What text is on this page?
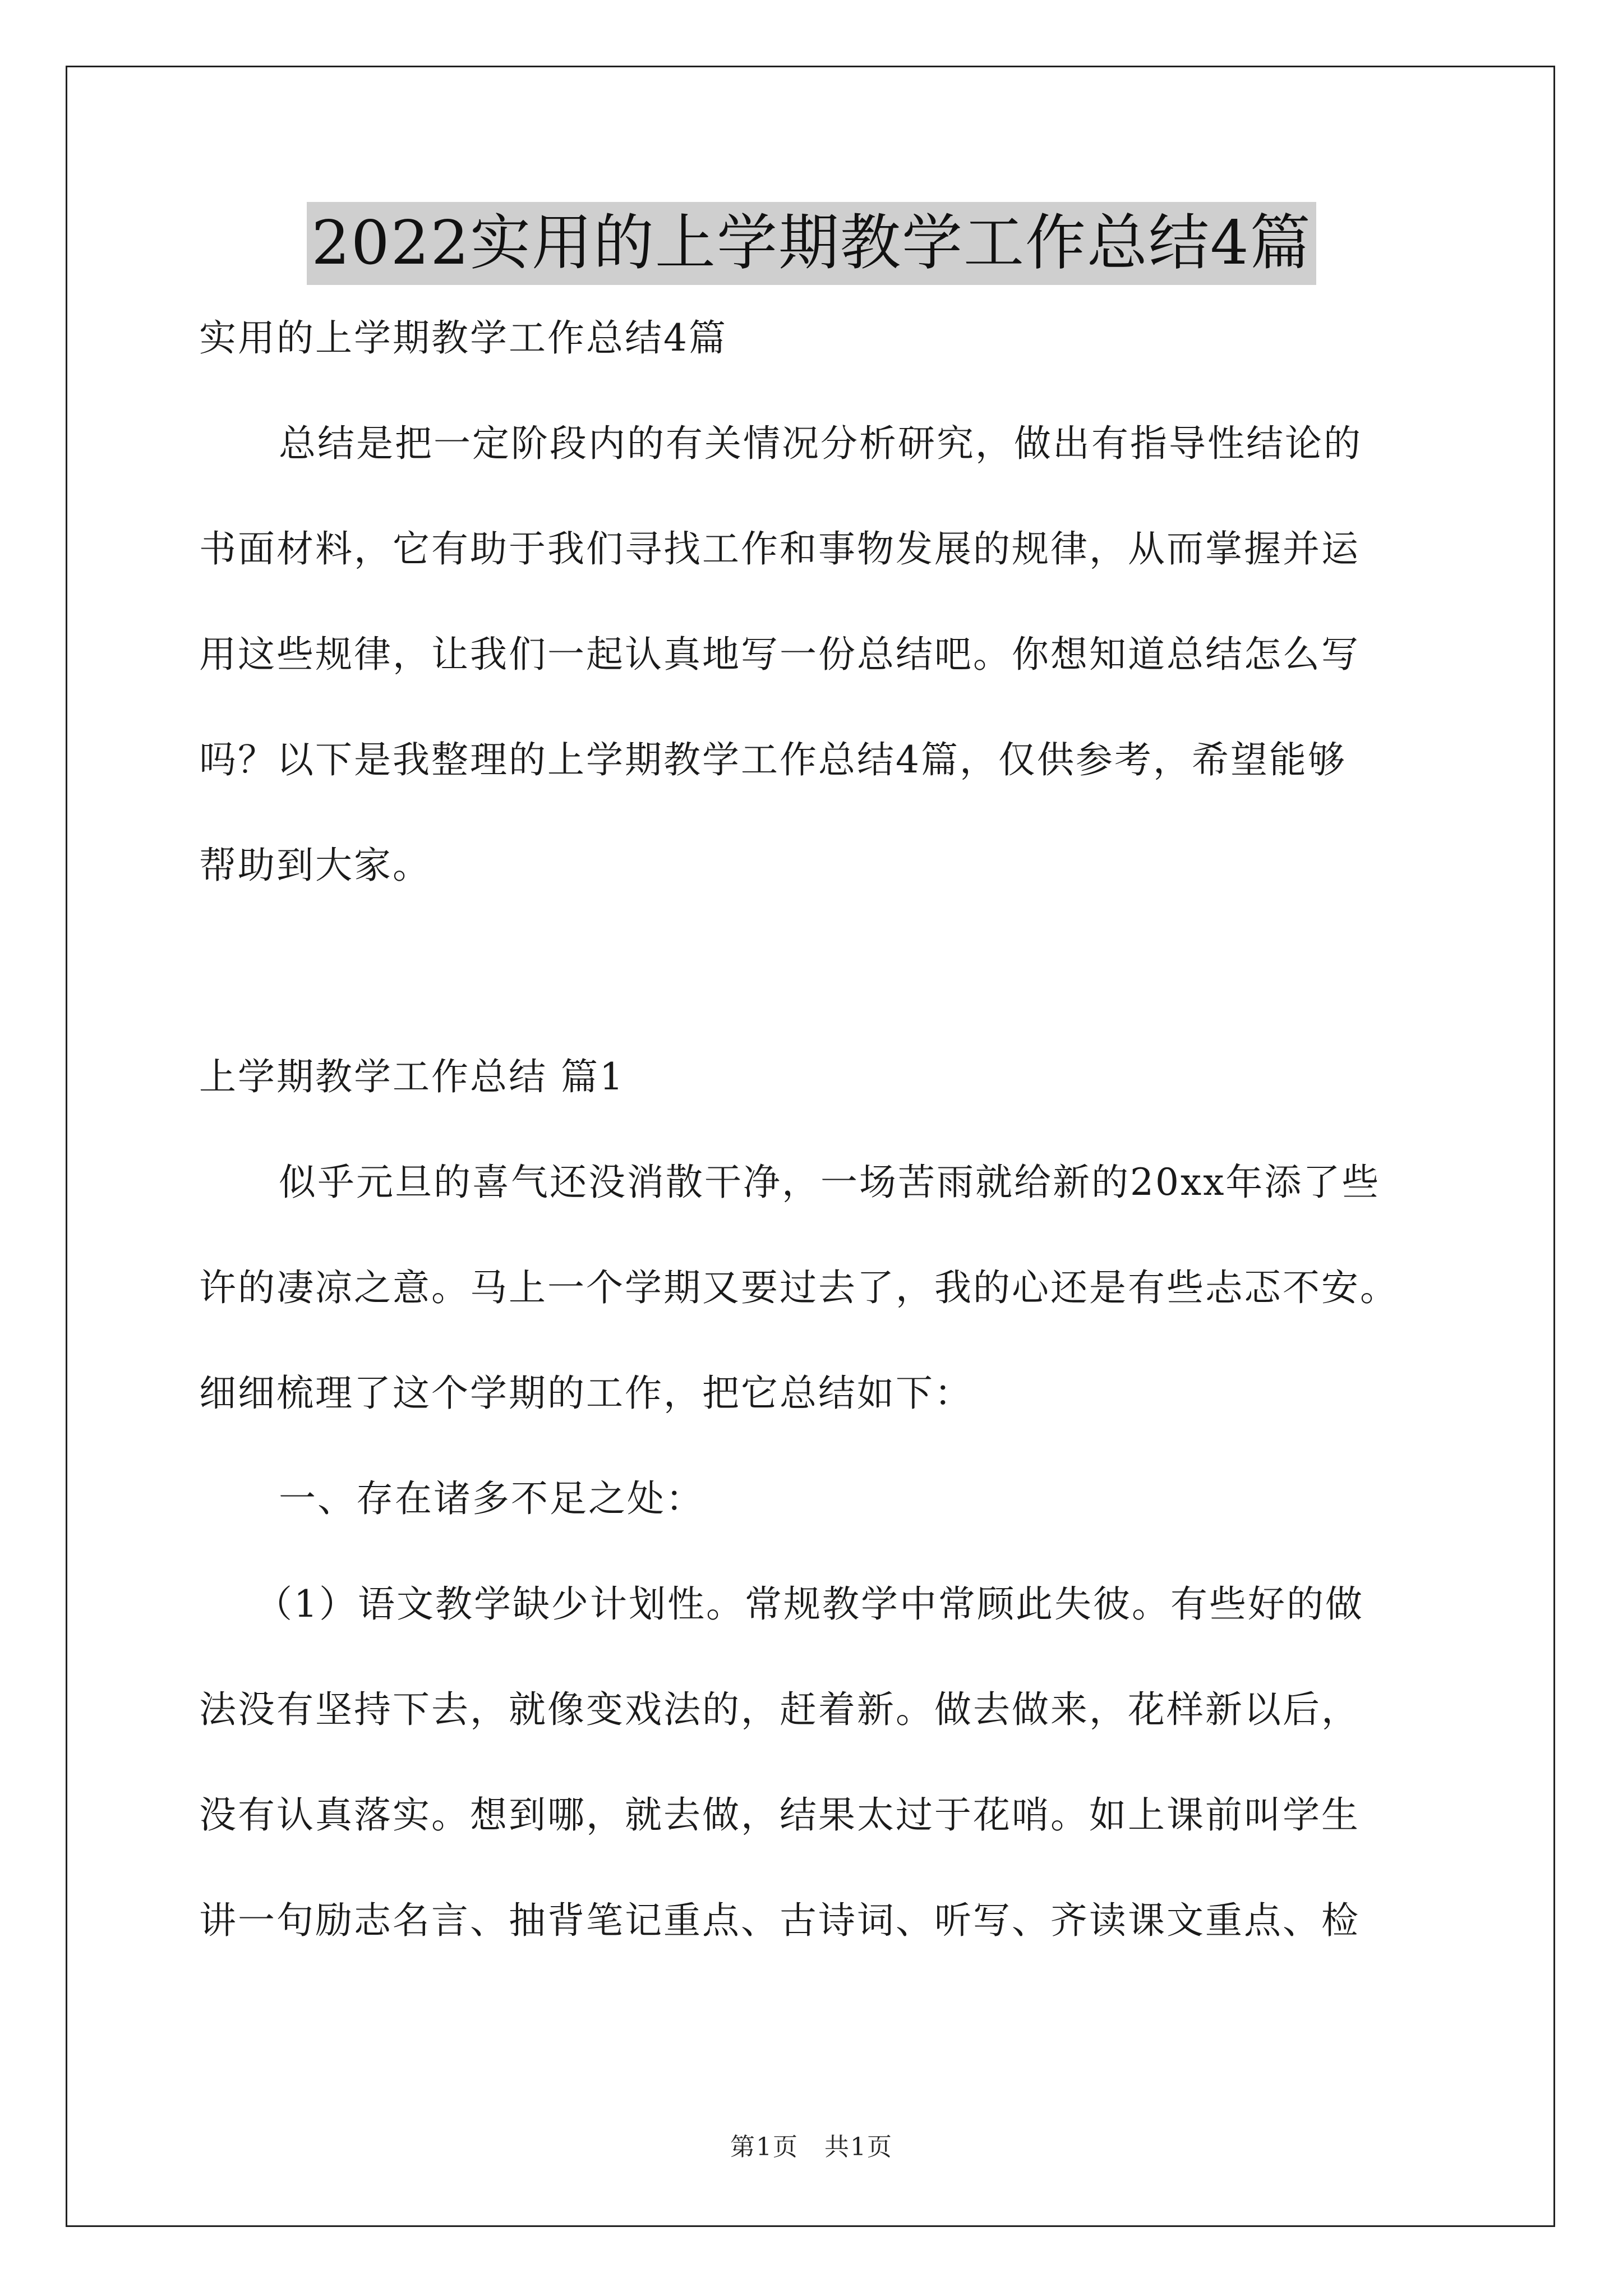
2022实用的上学期教学工作总结4篇

实用的上学期教学工作总结4篇

总结是把一定阶段内的有关情况分析研究，做出有指导性结论的

书面材料，它有助于我们寻找工作和事物发展的规律，从而掌握并运

用这些规律，让我们一起认真地写一份总结吧。你想知道总结怎么写

吗？以下是我整理的上学期教学工作总结4篇，仅供参考，希望能够

帮助到大家。

上学期教学工作总结 篇1

似乎元旦的喜气还没消散干净，一场苦雨就给新的20xx年添了些

许的凄凉之意。马上一个学期又要过去了，我的心还是有些忐忑不安。

细细梳理了这个学期的工作，把它总结如下：

一、存在诸多不足之处：

（1）语文教学缺少计划性。常规教学中常顾此失彼。有些好的做

法没有坚持下去，就像变戏法的，赶着新。做去做来，花样新以后，

没有认真落实。想到哪，就去做，结果太过于花哨。如上课前叫学生

讲一句励志名言、抽背笔记重点、古诗词、听写、齐读课文重点、检

第1页　共1页
